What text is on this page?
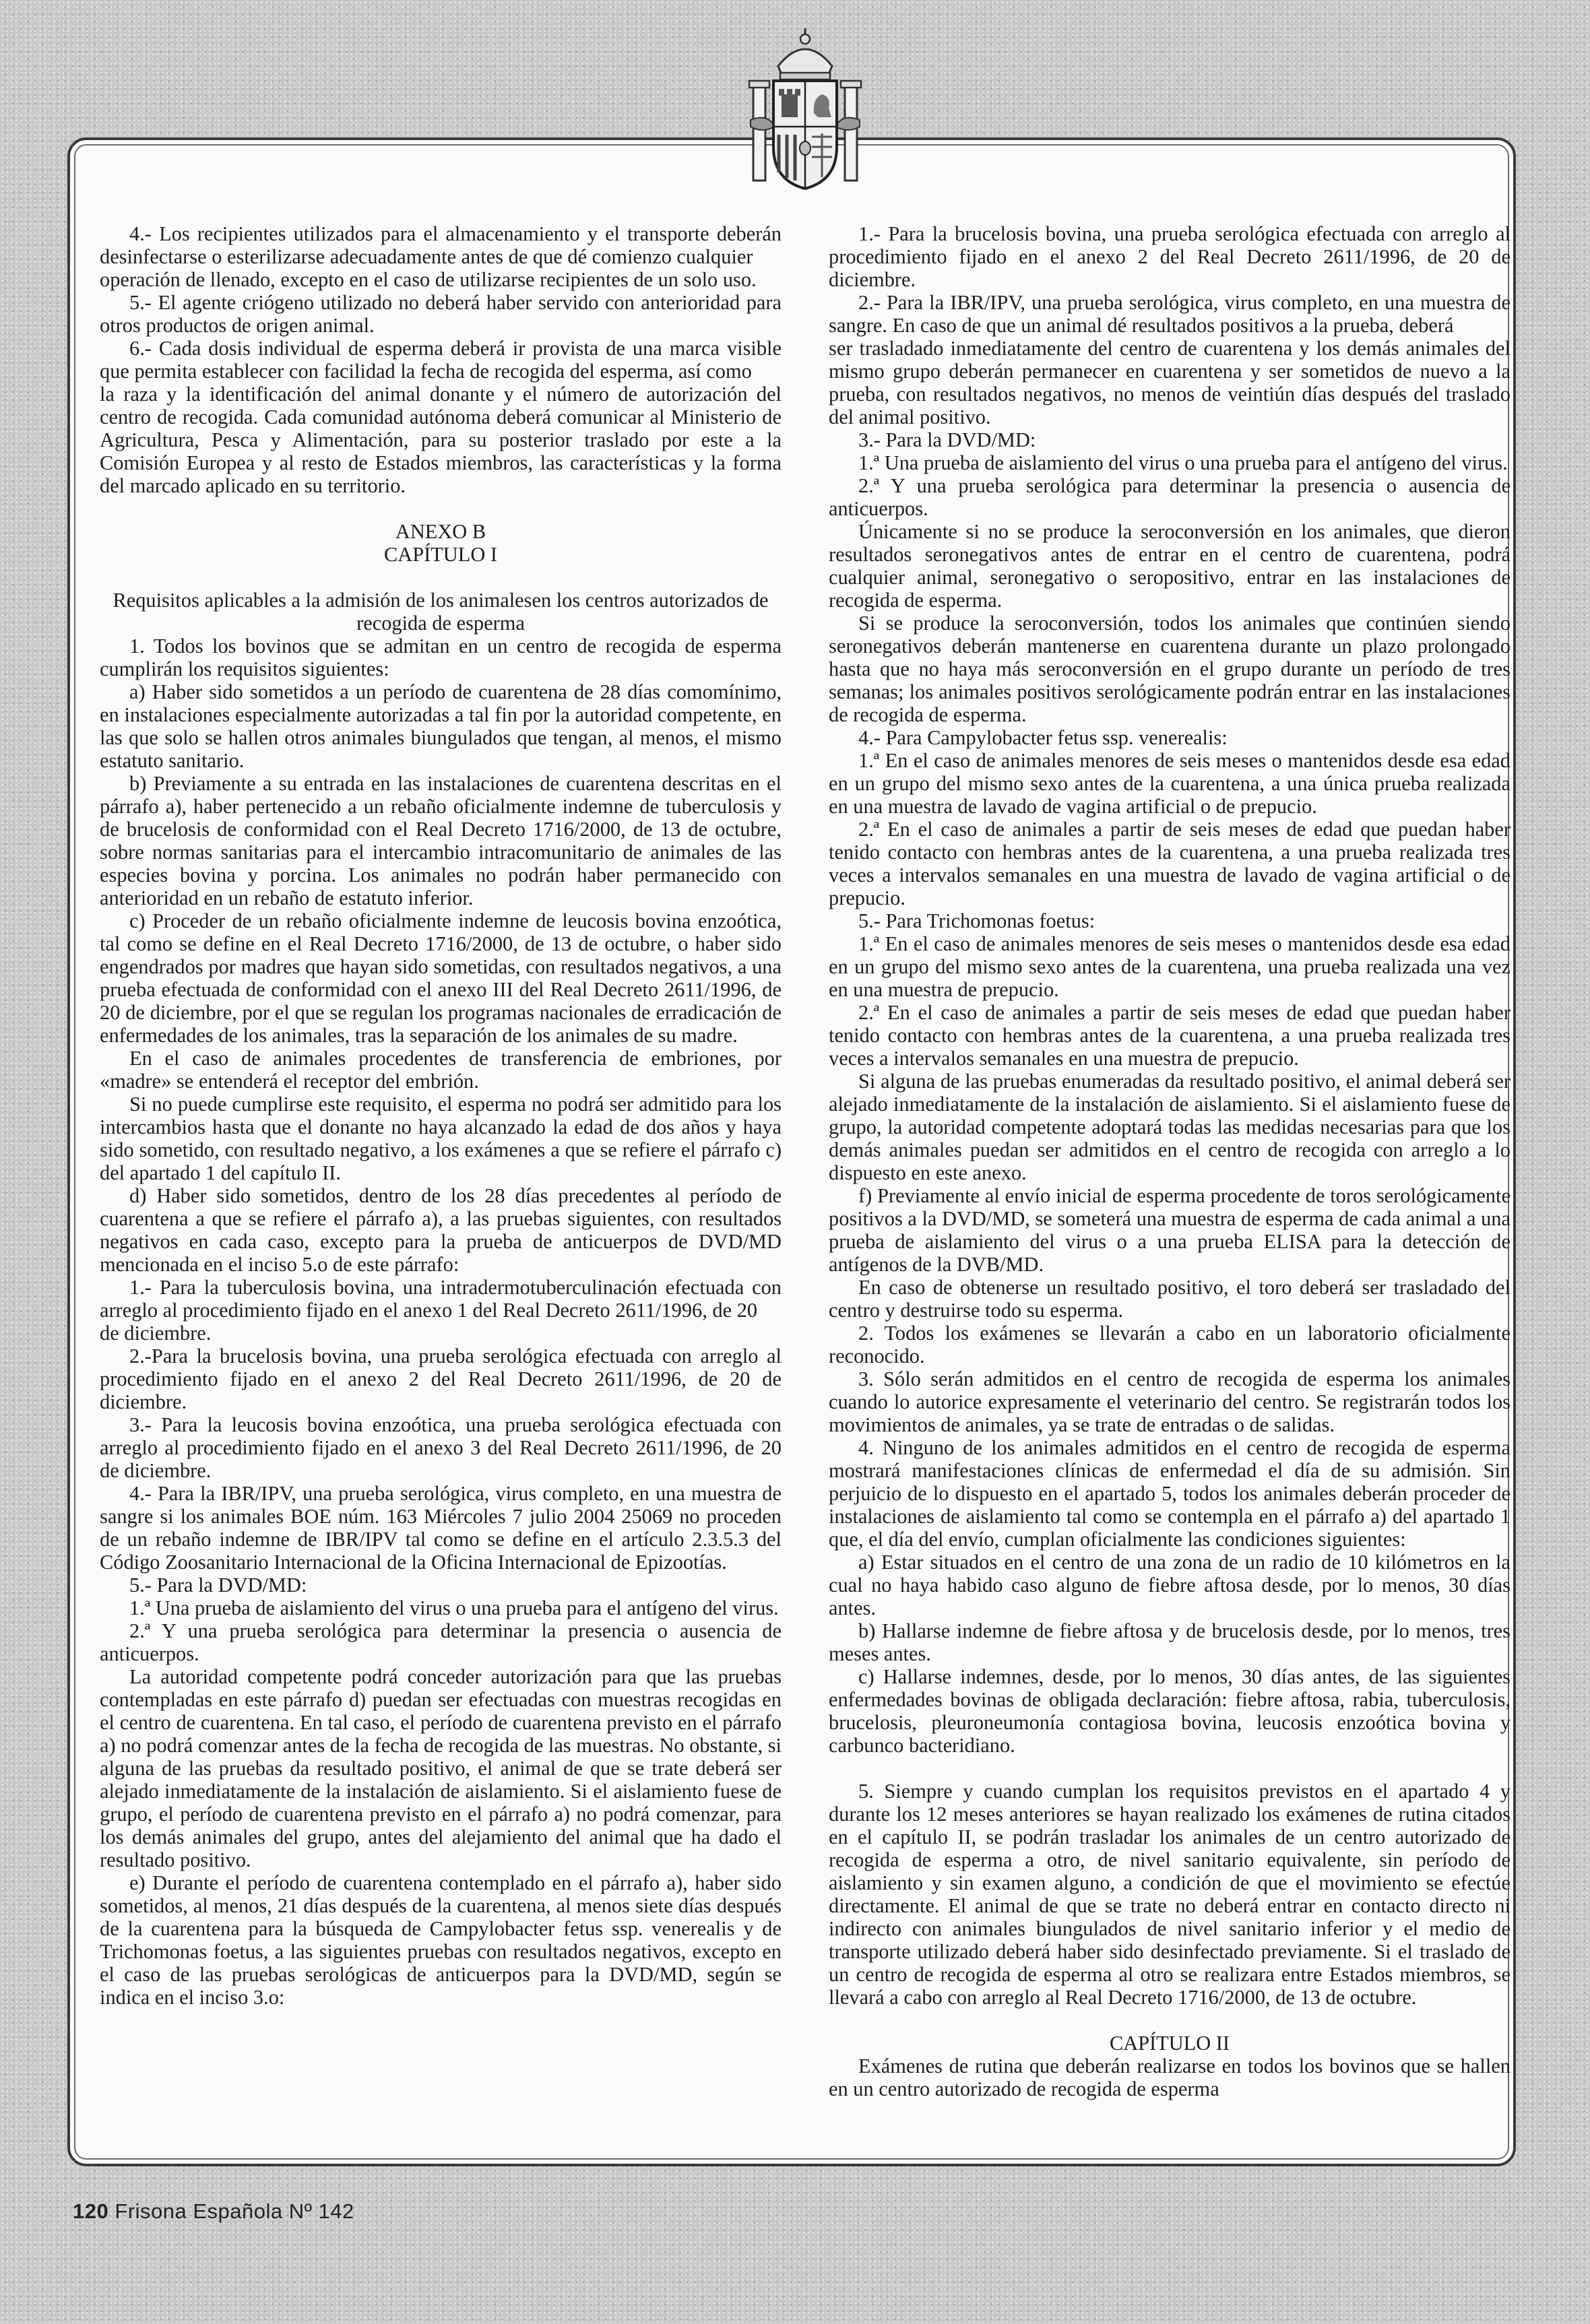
4.- Los recipientes utilizados para el almacenamiento y el transporte deberán desinfectarse o esterilizarse adecuadamente antes de que dé comienzo cualquier

operación de llenado, excepto en el caso de utilizarse recipientes de un solo uso.

5.- El agente criógeno utilizado no deberá haber servido con anterioridad para otros productos de origen animal.

6.- Cada dosis individual de esperma deberá ir provista de una marca visible que permita establecer con facilidad la fecha de recogida del esperma, así como

la raza y la identificación del animal donante y el número de autorización del centro de recogida. Cada comunidad autónoma deberá comunicar al Ministerio de Agricultura, Pesca y Alimentación, para su posterior traslado por este a la Comisión Europea y al resto de Estados miembros, las características y la forma del marcado aplicado en su territorio.

ANEXO B

CAPÍTULO I

Requisitos aplicables a la admisión de los animalesen los centros autorizados de recogida de esperma

1. Todos los bovinos que se admitan en un centro de recogida de esperma cumplirán los requisitos siguientes:

a) Haber sido sometidos a un período de cuarentena de 28 días comomínimo, en instalaciones especialmente autorizadas a tal fin por la autoridad competente, en las que solo se hallen otros animales biungulados que tengan, al menos, el mismo estatuto sanitario.

b) Previamente a su entrada en las instalaciones de cuarentena descritas en el párrafo a), haber pertenecido a un rebaño oficialmente indemne de tuberculosis y de brucelosis de conformidad con el Real Decreto 1716/2000, de 13 de octubre, sobre normas sanitarias para el intercambio intracomunitario de animales de las especies bovina y porcina. Los animales no podrán haber permanecido con anterioridad en un rebaño de estatuto inferior.

c) Proceder de un rebaño oficialmente indemne de leucosis bovina enzoótica, tal como se define en el Real Decreto 1716/2000, de 13 de octubre, o haber sido engendrados por madres que hayan sido sometidas, con resultados negativos, a una prueba efectuada de conformidad con el anexo III del Real Decreto 2611/1996, de 20 de diciembre, por el que se regulan los programas nacionales de erradicación de enfermedades de los animales, tras la separación de los animales de su madre.

En el caso de animales procedentes de transferencia de embriones, por «madre» se entenderá el receptor del embrión.

Si no puede cumplirse este requisito, el esperma no podrá ser admitido para los intercambios hasta que el donante no haya alcanzado la edad de dos años y haya sido sometido, con resultado negativo, a los exámenes a que se refiere el párrafo c) del apartado 1 del capítulo II.

d) Haber sido sometidos, dentro de los 28 días precedentes al período de cuarentena a que se refiere el párrafo a), a las pruebas siguientes, con resultados negativos en cada caso, excepto para la prueba de anticuerpos de DVD/MD mencionada en el inciso 5.o de este párrafo:

1.- Para la tuberculosis bovina, una intradermotuberculinación efectuada con arreglo al procedimiento fijado en el anexo 1 del Real Decreto 2611/1996, de 20

de diciembre.

2.-Para la brucelosis bovina, una prueba serológica efectuada con arreglo al procedimiento fijado en el anexo 2 del Real Decreto 2611/1996, de 20 de diciembre.

3.- Para la leucosis bovina enzoótica, una prueba serológica efectuada con arreglo al procedimiento fijado en el anexo 3 del Real Decreto 2611/1996, de 20 de diciembre.

4.- Para la IBR/IPV, una prueba serológica, virus completo, en una muestra de sangre si los animales BOE núm. 163 Miércoles 7 julio 2004 25069 no proceden de un rebaño indemne de IBR/IPV tal como se define en el artículo 2.3.5.3 del Código Zoosanitario Internacional de la Oficina Internacional de Epizootías.

5.- Para la DVD/MD:

1.ª Una prueba de aislamiento del virus o una prueba para el antígeno del virus.

2.ª Y una prueba serológica para determinar la presencia o ausencia de anticuerpos.

La autoridad competente podrá conceder autorización para que las pruebas contempladas en este párrafo d) puedan ser efectuadas con muestras recogidas en el centro de cuarentena. En tal caso, el período de cuarentena previsto en el párrafo a) no podrá comenzar antes de la fecha de recogida de las muestras. No obstante, si alguna de las pruebas da resultado positivo, el animal de que se trate deberá ser alejado inmediatamente de la instalación de aislamiento. Si el aislamiento fuese de grupo, el período de cuarentena previsto en el párrafo a) no podrá comenzar, para los demás animales del grupo, antes del alejamiento del animal que ha dado el resultado positivo.

e) Durante el período de cuarentena contemplado en el párrafo a), haber sido sometidos, al menos, 21 días después de la cuarentena, al menos siete días después de la cuarentena para la búsqueda de Campylobacter fetus ssp. venerealis y de Trichomonas foetus, a las siguientes pruebas con resultados negativos, excepto en el caso de las pruebas serológicas de anticuerpos para la DVD/MD, según se indica en el inciso 3.o:

1.- Para la brucelosis bovina, una prueba serológica efectuada con arreglo al procedimiento fijado en el anexo 2 del Real Decreto 2611/1996, de 20 de diciembre.

2.- Para la IBR/IPV, una prueba serológica, virus completo, en una muestra de sangre. En caso de que un animal dé resultados positivos a la prueba, deberá

ser trasladado inmediatamente del centro de cuarentena y los demás animales del mismo grupo deberán permanecer en cuarentena y ser sometidos de nuevo a la prueba, con resultados negativos, no menos de veintiún días después del traslado del animal positivo.

3.- Para la DVD/MD:

1.ª Una prueba de aislamiento del virus o una prueba para el antígeno del virus.

2.ª Y una prueba serológica para determinar la presencia o ausencia de anticuerpos.

Únicamente si no se produce la seroconversión en los animales, que dieron resultados seronegativos antes de entrar en el centro de cuarentena, podrá cualquier animal, seronegativo o seropositivo, entrar en las instalaciones de recogida de esperma.

Si se produce la seroconversión, todos los animales que continúen siendo seronegativos deberán mantenerse en cuarentena durante un plazo prolongado hasta que no haya más seroconversión en el grupo durante un período de tres semanas; los animales positivos serológicamente podrán entrar en las instalaciones de recogida de esperma.

4.- Para Campylobacter fetus ssp. venerealis:

1.ª En el caso de animales menores de seis meses o mantenidos desde esa edad en un grupo del mismo sexo antes de la cuarentena, a una única prueba realizada en una muestra de lavado de vagina artificial o de prepucio.

2.ª En el caso de animales a partir de seis meses de edad que puedan haber tenido contacto con hembras antes de la cuarentena, a una prueba realizada tres veces a intervalos semanales en una muestra de lavado de vagina artificial o de prepucio.

5.- Para Trichomonas foetus:

1.ª En el caso de animales menores de seis meses o mantenidos desde esa edad en un grupo del mismo sexo antes de la cuarentena, una prueba realizada una vez en una muestra de prepucio.

2.ª En el caso de animales a partir de seis meses de edad que puedan haber tenido contacto con hembras antes de la cuarentena, a una prueba realizada tres veces a intervalos semanales en una muestra de prepucio.

Si alguna de las pruebas enumeradas da resultado positivo, el animal deberá ser alejado inmediatamente de la instalación de aislamiento. Si el aislamiento fuese de grupo, la autoridad competente adoptará todas las medidas necesarias para que los demás animales puedan ser admitidos en el centro de recogida con arreglo a lo dispuesto en este anexo.

f) Previamente al envío inicial de esperma procedente de toros serológicamente positivos a la DVD/MD, se someterá una muestra de esperma de cada animal a una prueba de aislamiento del virus o a una prueba ELISA para la detección de antígenos de la DVB/MD.

En caso de obtenerse un resultado positivo, el toro deberá ser trasladado del centro y destruirse todo su esperma.

2. Todos los exámenes se llevarán a cabo en un laboratorio oficialmente reconocido.

3. Sólo serán admitidos en el centro de recogida de esperma los animales cuando lo autorice expresamente el veterinario del centro. Se registrarán todos los movimientos de animales, ya se trate de entradas o de salidas.

4. Ninguno de los animales admitidos en el centro de recogida de esperma mostrará manifestaciones clínicas de enfermedad el día de su admisión. Sin perjuicio de lo dispuesto en el apartado 5, todos los animales deberán proceder de instalaciones de aislamiento tal como se contempla en el párrafo a) del apartado 1 que, el día del envío, cumplan oficialmente las condiciones siguientes:

a) Estar situados en el centro de una zona de un radio de 10 kilómetros en la cual no haya habido caso alguno de fiebre aftosa desde, por lo menos, 30 días antes.

b) Hallarse indemne de fiebre aftosa y de brucelosis desde, por lo menos, tres meses antes.

c) Hallarse indemnes, desde, por lo menos, 30 días antes, de las siguientes enfermedades bovinas de obligada declaración: fiebre aftosa, rabia, tuberculosis, brucelosis, pleuroneumonía contagiosa bovina, leucosis enzoótica bovina y carbunco bacteridiano.

5. Siempre y cuando cumplan los requisitos previstos en el apartado 4 y durante los 12 meses anteriores se hayan realizado los exámenes de rutina citados en el capítulo II, se podrán trasladar los animales de un centro autorizado de recogida de esperma a otro, de nivel sanitario equivalente, sin período de aislamiento y sin examen alguno, a condición de que el movimiento se efectúe directamente. El animal de que se trate no deberá entrar en contacto directo ni indirecto con animales biungulados de nivel sanitario inferior y el medio de transporte utilizado deberá haber sido desinfectado previamente. Si el traslado de un centro de recogida de esperma al otro se realizara entre Estados miembros, se llevará a cabo con arreglo al Real Decreto 1716/2000, de 13 de octubre.

CAPÍTULO II

Exámenes de rutina que deberán realizarse en todos los bovinos que se hallen en un centro autorizado de recogida de esperma

120 Frisona Española Nº 142
